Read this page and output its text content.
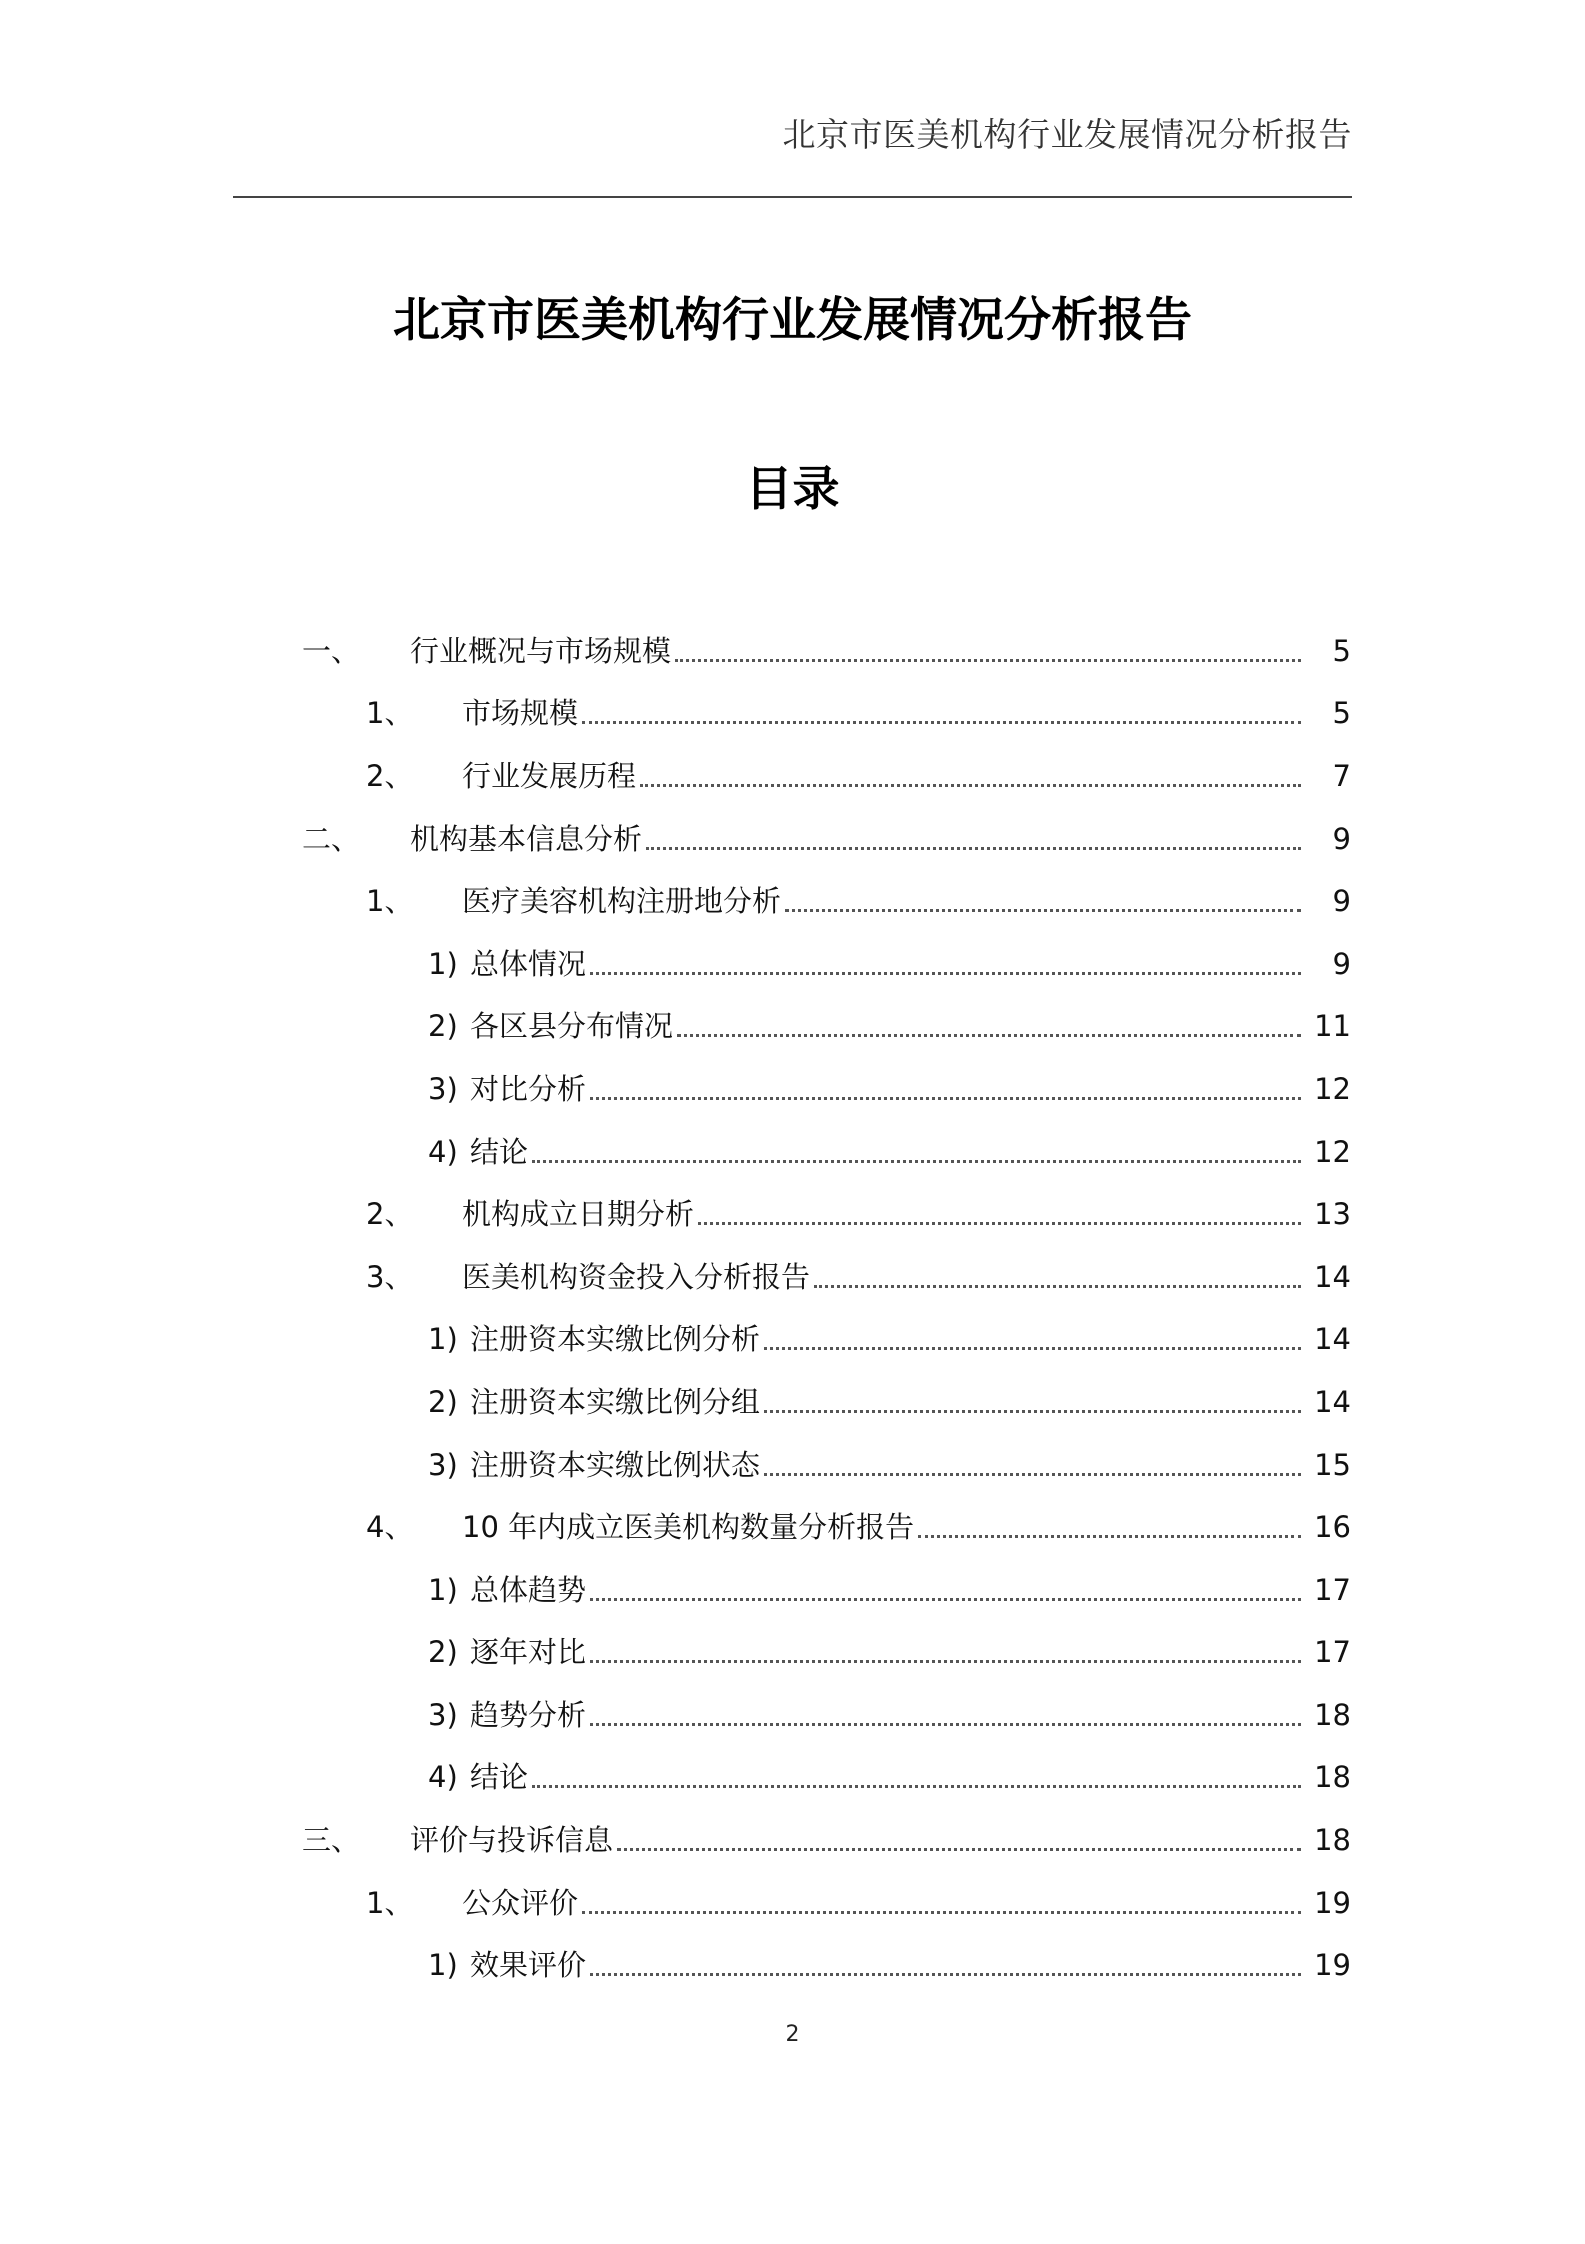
北京市医美机构行业发展情况分析报告
北京市医美机构行业发展情况分析报告
目录
一、	行业概况与市场规模	5
1、	市场规模	5
2、	行业发展历程	7
二、	机构基本信息分析	9
1、	医疗美容机构注册地分析	9
1) 总体情况	9
2) 各区县分布情况	11
3) 对比分析	12
4) 结论	12
2、	机构成立日期分析	13
3、	医美机构资金投入分析报告	14
1) 注册资本实缴比例分析	14
2) 注册资本实缴比例分组	14
3) 注册资本实缴比例状态	15
4、	10 年内成立医美机构数量分析报告	16
1) 总体趋势	17
2) 逐年对比	17
3) 趋势分析	18
4) 结论	18
三、	评价与投诉信息	18
1、	公众评价	19
1) 效果评价	19
2
